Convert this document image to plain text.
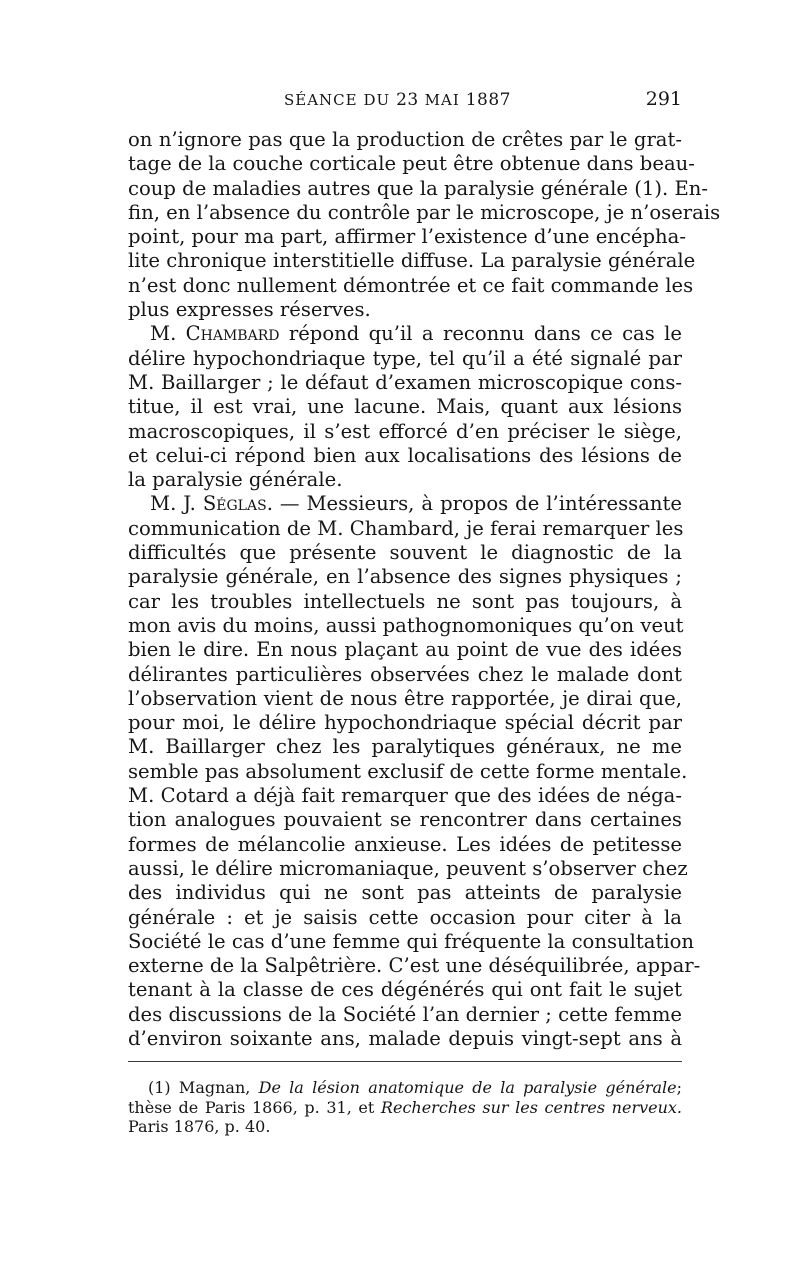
SÉANCE DU 23 MAI 1887	291
on n’ignore pas que la production de crêtes par le grat-
tage de la couche corticale peut être obtenue dans beau-
coup de maladies autres que la paralysie générale (1). En-
fin, en l’absence du contrôle par le microscope, je n’oserais
point, pour ma part, affirmer l’existence d’une encépha-
lite chronique interstitielle diffuse. La paralysie générale
n’est donc nullement démontrée et ce fait commande les
plus expresses réserves.
M. Chambard répond qu’il a reconnu dans ce cas le
délire hypochondriaque type, tel qu’il a été signalé par
M. Baillarger ; le défaut d’examen microscopique cons-
titue, il est vrai, une lacune. Mais, quant aux lésions
macroscopiques, il s’est efforcé d’en préciser le siège,
et celui-ci répond bien aux localisations des lésions de
la paralysie générale.
M. J. Séglas. — Messieurs, à propos de l’intéressante
communication de M. Chambard, je ferai remarquer les
difficultés que présente souvent le diagnostic de la
paralysie générale, en l’absence des signes physiques ;
car les troubles intellectuels ne sont pas toujours, à
mon avis du moins, aussi pathognomoniques qu’on veut
bien le dire. En nous plaçant au point de vue des idées
délirantes particulières observées chez le malade dont
l’observation vient de nous être rapportée, je dirai que,
pour moi, le délire hypochondriaque spécial décrit par
M. Baillarger chez les paralytiques généraux, ne me
semble pas absolument exclusif de cette forme mentale.
M. Cotard a déjà fait remarquer que des idées de néga-
tion analogues pouvaient se rencontrer dans certaines
formes de mélancolie anxieuse. Les idées de petitesse
aussi, le délire micromaniaque, peuvent s’observer chez
des individus qui ne sont pas atteints de paralysie
générale : et je saisis cette occasion pour citer à la
Société le cas d’une femme qui fréquente la consultation
externe de la Salpêtrière. C’est une déséquilibrée, appar-
tenant à la classe de ces dégénérés qui ont fait le sujet
des discussions de la Société l’an dernier ; cette femme
d’environ soixante ans, malade depuis vingt-sept ans à
(1) Magnan, De la lésion anatomique de la paralysie générale;
thèse de Paris 1866, p. 31, et Recherches sur les centres nerveux.
Paris 1876, p. 40.
